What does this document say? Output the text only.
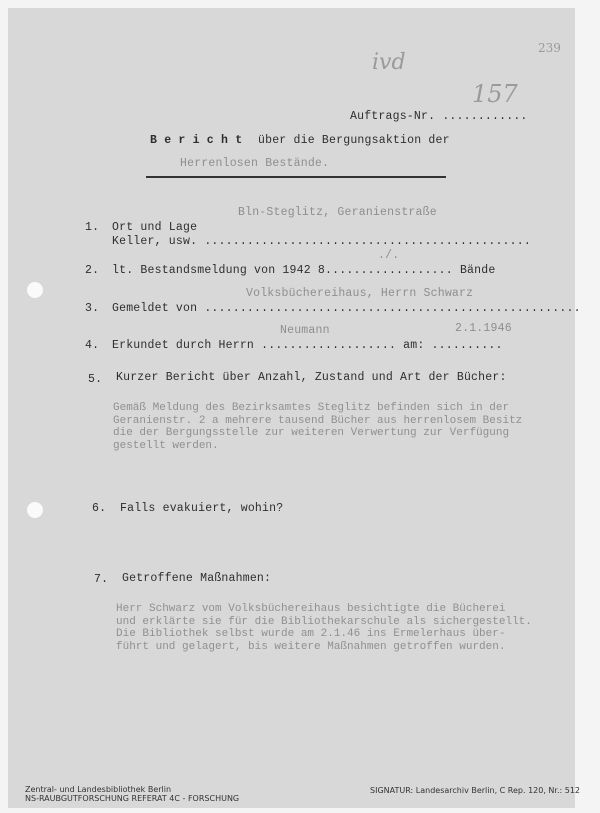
ivd
239
157
Auftrags-Nr. ............
B e r i c h t über die Bergungsaktion der
Herrenlosen Bestände.
1. Ort und Lage
Keller, usw. ..............................................
Bln-Steglitz, Geranienstraße
2. lt. Bestandsmeldung von 1942 8.................. Bände
./.
3. Gemeldet von .....................................................
Volksbüchereihaus, Herrn Schwarz
4. Erkundet durch Herrn ................... am: ..........
Neumann	2.1.1946
5. Kurzer Bericht über Anzahl, Zustand und Art der Bücher:
Gemäß Meldung des Bezirksamtes Steglitz befinden sich in der
Geranienstr. 2 a mehrere tausend Bücher aus herrenlosem Besitz
die der Bergungsstelle zur weiteren Verwertung zur Verfügung
gestellt werden.
6. Falls evakuiert, wohin?
7. Getroffene Maßnahmen:
Herr Schwarz vom Volksbüchereihaus besichtigte die Bücherei
und erklärte sie für die Bibliothekarschule als sichergestellt.
Die Bibliothek selbst wurde am 2.1.46 ins Ermelerhaus über-
führt und gelagert, bis weitere Maßnahmen getroffen wurden.
Zentral- und Landesbibliothek Berlin
NS-RAUBGUTFORSCHUNG REFERAT 4C - FORSCHUNG
SIGNATUR: Landesarchiv Berlin, C Rep. 120, Nr.: 512
